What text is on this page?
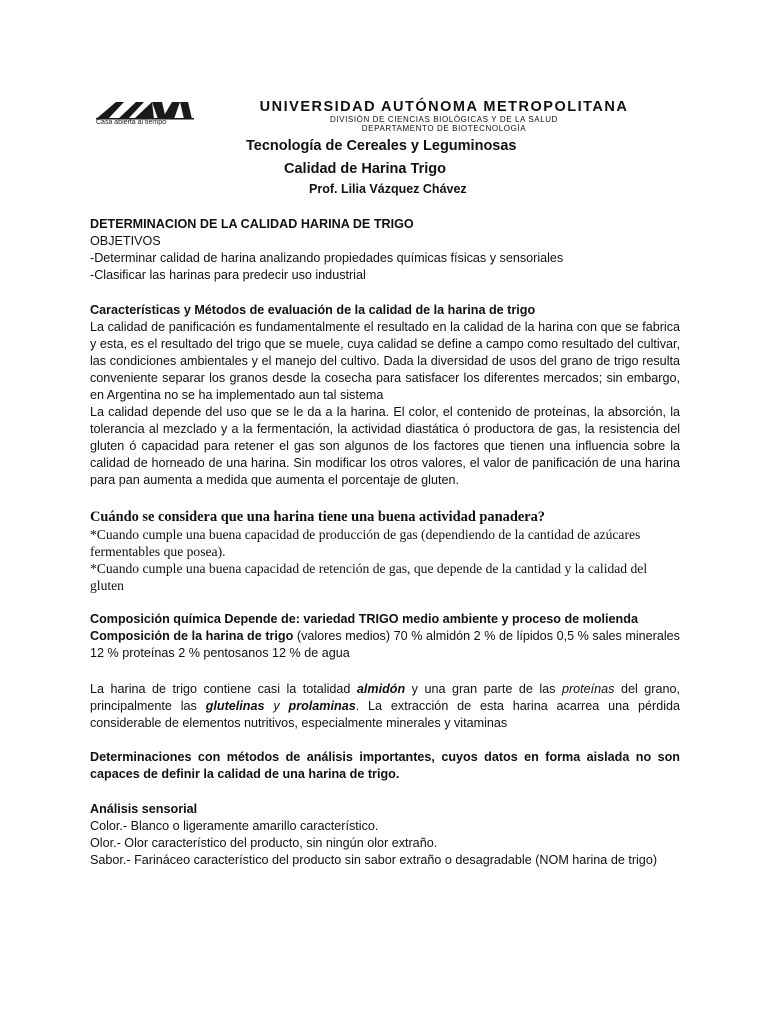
Casa abierta al tiempo
UNIVERSIDAD AUTÓNOMA METROPOLITANA
DIVISIÓN DE CIENCIAS BIOLÓGICAS Y DE LA SALUD
DEPARTAMENTO DE BIOTECNOLOGÍA
Tecnología de Cereales y Leguminosas
Calidad de Harina Trigo
Prof. Lilia Vázquez Chávez
DETERMINACION DE LA CALIDAD HARINA DE TRIGO
OBJETIVOS
-Determinar calidad de harina analizando propiedades químicas físicas y sensoriales
-Clasificar las harinas para predecir uso industrial
Características y Métodos de evaluación de la calidad de la harina de trigo

La calidad de panificación es fundamentalmente el resultado en la calidad de la harina con que se fabrica y esta, es el resultado del trigo que se muele, cuya calidad se define a campo como resultado del cultivar, las condiciones ambientales y el manejo del cultivo. Dada la diversidad de usos del grano de trigo resulta conveniente separar los granos desde la cosecha para satisfacer los diferentes mercados; sin embargo, en Argentina no se ha implementado aun tal sistema

La calidad depende del uso que se le da a la harina. El color, el contenido de proteínas, la absorción, la tolerancia al mezclado y a la fermentación, la actividad diastática ó productora de gas, la resistencia del gluten ó capacidad para retener el gas son algunos de los factores que tienen una influencia sobre la calidad de horneado de una harina. Sin modificar los otros valores, el valor de panificación de una harina para pan aumenta a medida que aumenta el porcentaje de gluten.

Cuándo se considera que una harina tiene una buena actividad panadera?

*Cuando cumple una buena capacidad de producción de gas (dependiendo de la cantidad de azúcares fermentables que posea).

*Cuando cumple una buena capacidad de retención de gas, que depende de la cantidad y la calidad del gluten

Composición química Depende de: variedad TRIGO medio ambiente y proceso de molienda

Composición de la harina de trigo (valores medios) 70 % almidón 2 % de lípidos 0,5 % sales minerales 12 % proteínas 2 % pentosanos 12 % de agua

La harina de trigo contiene casi la totalidad almidón y una gran parte de las proteínas del grano, principalmente las glutelinas y prolaminas. La extracción de esta harina acarrea una pérdida considerable de elementos nutritivos, especialmente minerales y vitaminas
Determinaciones con métodos de análisis importantes, cuyos datos en forma aislada no son capaces de definir la calidad de una harina de trigo.
Análisis sensorial
Color.- Blanco o ligeramente amarillo característico.
Olor.- Olor característico del producto, sin ningún olor extraño.
Sabor.- Farináceo característico del producto sin sabor extraño o desagradable (NOM harina de trigo)
